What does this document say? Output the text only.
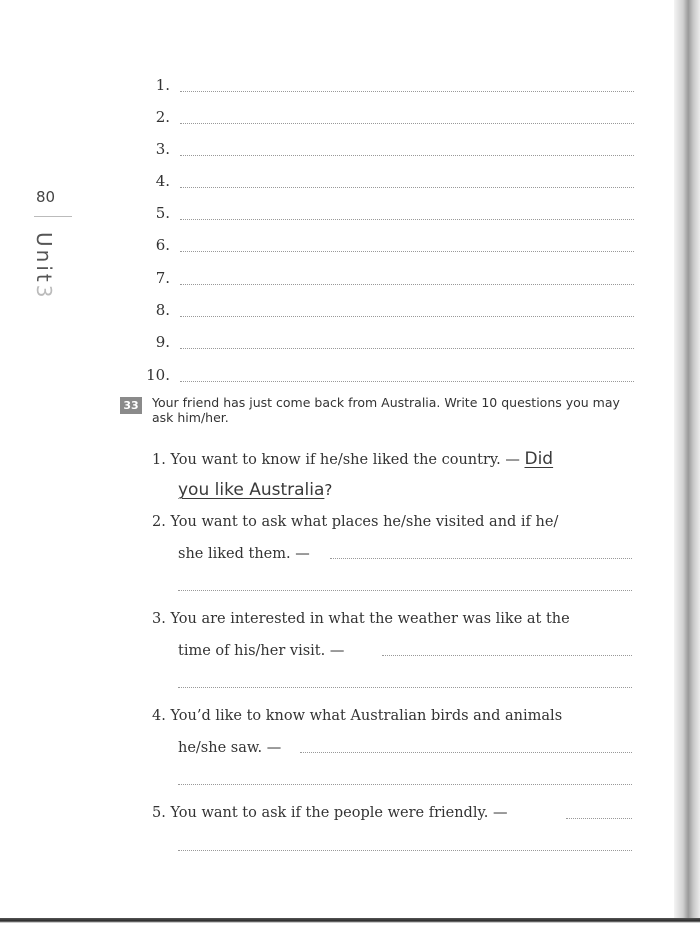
80
Unit3
1.
2.
3.
4.
5.
6.
7.
8.
9.
10.
33 Your friend has just come back from Australia. Write 10 questions you may ask him/her.
1. You want to know if he/she liked the country. — Did
you like Australia?
2. You want to ask what places he/she visited and if he/
she liked them. —
3. You are interested in what the weather was like at the
time of his/her visit. —
4. You’d like to know what Australian birds and animals
he/she saw. —
5. You want to ask if the people were friendly. —
